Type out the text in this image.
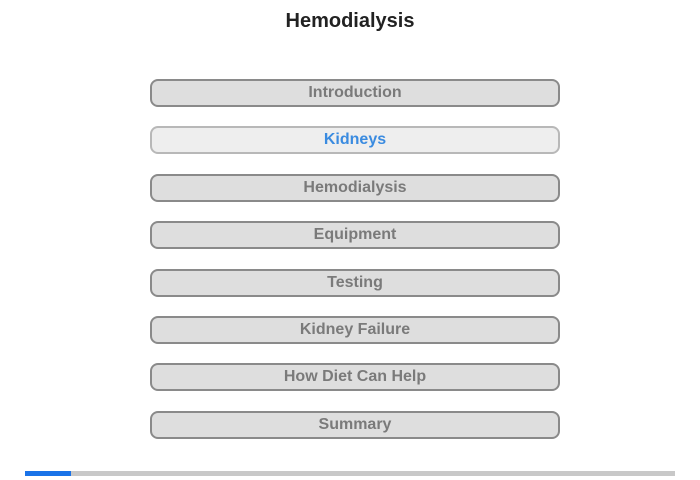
Hemodialysis
Introduction
Kidneys
Hemodialysis
Equipment
Testing
Kidney Failure
How Diet Can Help
Summary
